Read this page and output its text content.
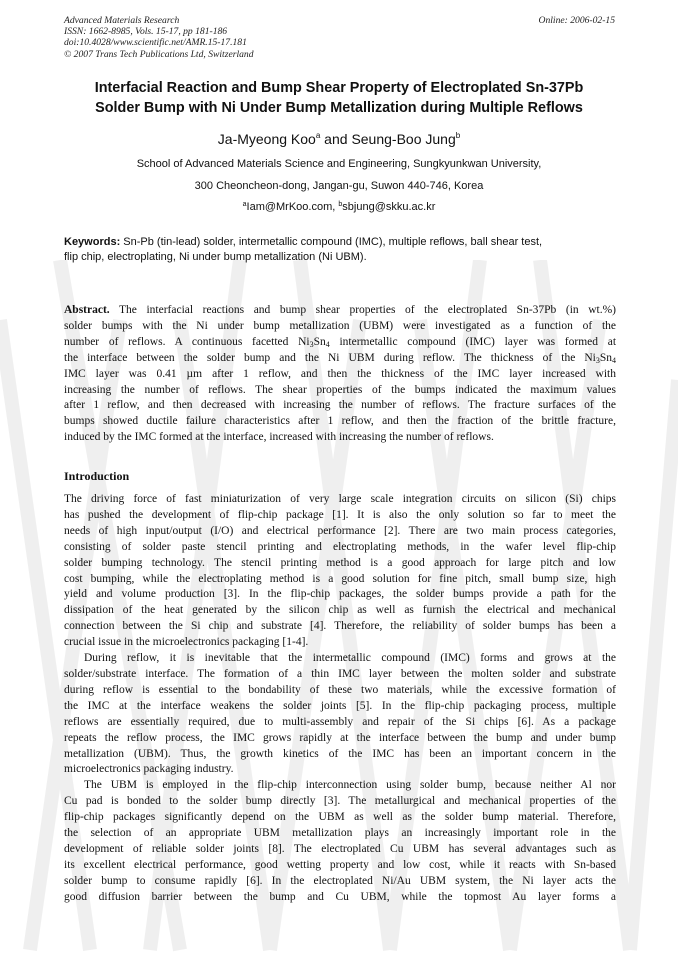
Advanced Materials Research
ISSN: 1662-8985, Vols. 15-17, pp 181-186
doi:10.4028/www.scientific.net/AMR.15-17.181
© 2007 Trans Tech Publications Ltd, Switzerland
Online: 2006-02-15
Interfacial Reaction and Bump Shear Property of Electroplated Sn-37Pb
Solder Bump with Ni Under Bump Metallization during Multiple Reflows
Ja-Myeong Koo$^a$ and Seung-Boo Jung$^b$
School of Advanced Materials Science and Engineering, Sungkyunkwan University,
300 Cheoncheon-dong, Jangan-gu, Suwon 440-746, Korea
$^a$Iam@MrKoo.com, $^b$sbjung@skku.ac.kr
Keywords: Sn-Pb (tin-lead) solder, intermetallic compound (IMC), multiple reflows, ball shear test,
flip chip, electroplating, Ni under bump metallization (Ni UBM).
Abstract. The interfacial reactions and bump shear properties of the electroplated Sn-37Pb (in wt.%)
solder bumps with the Ni under bump metallization (UBM) were investigated as a function of the
number of reflows. A continuous facetted $Ni_3Sn_4$ intermetallic compound (IMC) layer was formed at
the interface between the solder bump and the Ni UBM during reflow. The thickness of the $Ni_3Sn_4$
IMC layer was 0.41 µm after 1 reflow, and then the thickness of the IMC layer increased with
increasing the number of reflows. The shear properties of the bumps indicated the maximum values
after 1 reflow, and then decreased with increasing the number of reflows. The fracture surfaces of the
bumps showed ductile failure characteristics after 1 reflow, and then the fraction of the brittle fracture,
induced by the IMC formed at the interface, increased with increasing the number of reflows.
Introduction
The driving force of fast miniaturization of very large scale integration circuits on silicon (Si) chips
has pushed the development of flip-chip package [1]. It is also the only solution so far to meet the
needs of high input/output (I/O) and electrical performance [2]. There are two main process categories,
consisting of solder paste stencil printing and electroplating methods, in the wafer level flip-chip
solder bumping technology. The stencil printing method is a good approach for large pitch and low
cost bumping, while the electroplating method is a good solution for fine pitch, small bump size, high
yield and volume production [3]. In the flip-chip packages, the solder bumps provide a path for the
dissipation of the heat generated by the silicon chip as well as furnish the electrical and mechanical
connection between the Si chip and substrate [4]. Therefore, the reliability of solder bumps has been a
crucial issue in the microelectronics packaging [1-4].
During reflow, it is inevitable that the intermetallic compound (IMC) forms and grows at the
solder/substrate interface. The formation of a thin IMC layer between the molten solder and substrate
during reflow is essential to the bondability of these two materials, while the excessive formation of
the IMC at the interface weakens the solder joints [5]. In the flip-chip packaging process, multiple
reflows are essentially required, due to multi-assembly and repair of the Si chips [6]. As a package
repeats the reflow process, the IMC grows rapidly at the interface between the bump and under bump
metallization (UBM). Thus, the growth kinetics of the IMC has been an important concern in the
microelectronics packaging industry.
The UBM is employed in the flip-chip interconnection using solder bump, because neither Al nor
Cu pad is bonded to the solder bump directly [3]. The metallurgical and mechanical properties of the
flip-chip packages significantly depend on the UBM as well as the solder bump material. Therefore,
the selection of an appropriate UBM metallization plays an increasingly important role in the
development of reliable solder joints [8]. The electroplated Cu UBM has several advantages such as
its excellent electrical performance, good wetting property and low cost, while it reacts with Sn-based
solder bump to consume rapidly [6]. In the electroplated Ni/Au UBM system, the Ni layer acts the
good diffusion barrier between the bump and Cu UBM, while the topmost Au layer forms a
